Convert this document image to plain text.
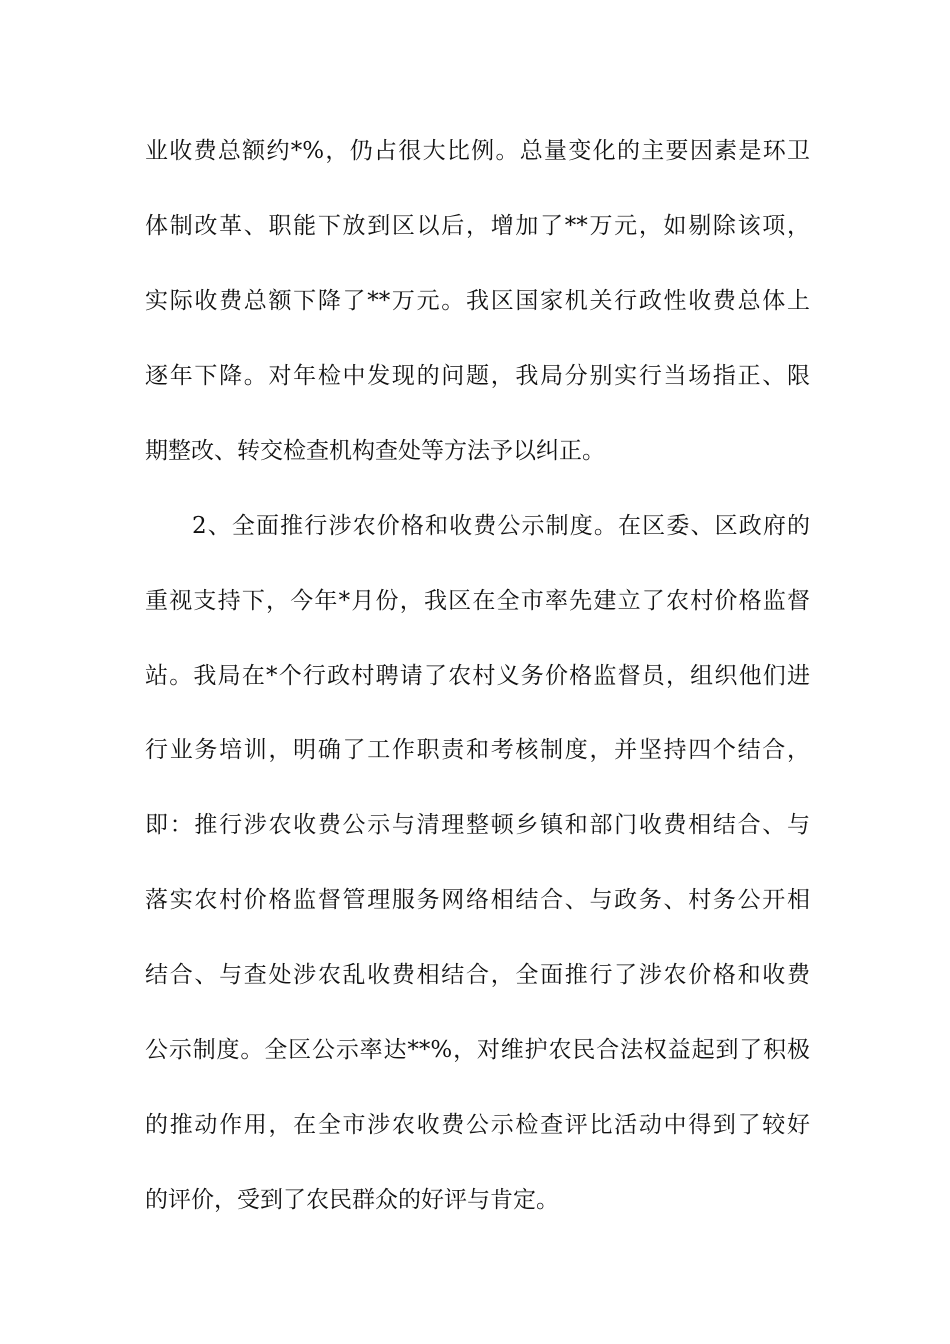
业收费总额约*%，仍占很大比例。总量变化的主要因素是环卫
体制改革、职能下放到区以后，增加了**万元，如剔除该项，
实际收费总额下降了**万元。我区国家机关行政性收费总体上
逐年下降。对年检中发现的问题，我局分别实行当场指正、限
期整改、转交检查机构查处等方法予以纠正。
2、全面推行涉农价格和收费公示制度。在区委、区政府的
重视支持下，今年*月份，我区在全市率先建立了农村价格监督
站。我局在*个行政村聘请了农村义务价格监督员，组织他们进
行业务培训，明确了工作职责和考核制度，并坚持四个结合，
即：推行涉农收费公示与清理整顿乡镇和部门收费相结合、与
落实农村价格监督管理服务网络相结合、与政务、村务公开相
结合、与查处涉农乱收费相结合，全面推行了涉农价格和收费
公示制度。全区公示率达**%，对维护农民合法权益起到了积极
的推动作用，在全市涉农收费公示检查评比活动中得到了较好
的评价，受到了农民群众的好评与肯定。
